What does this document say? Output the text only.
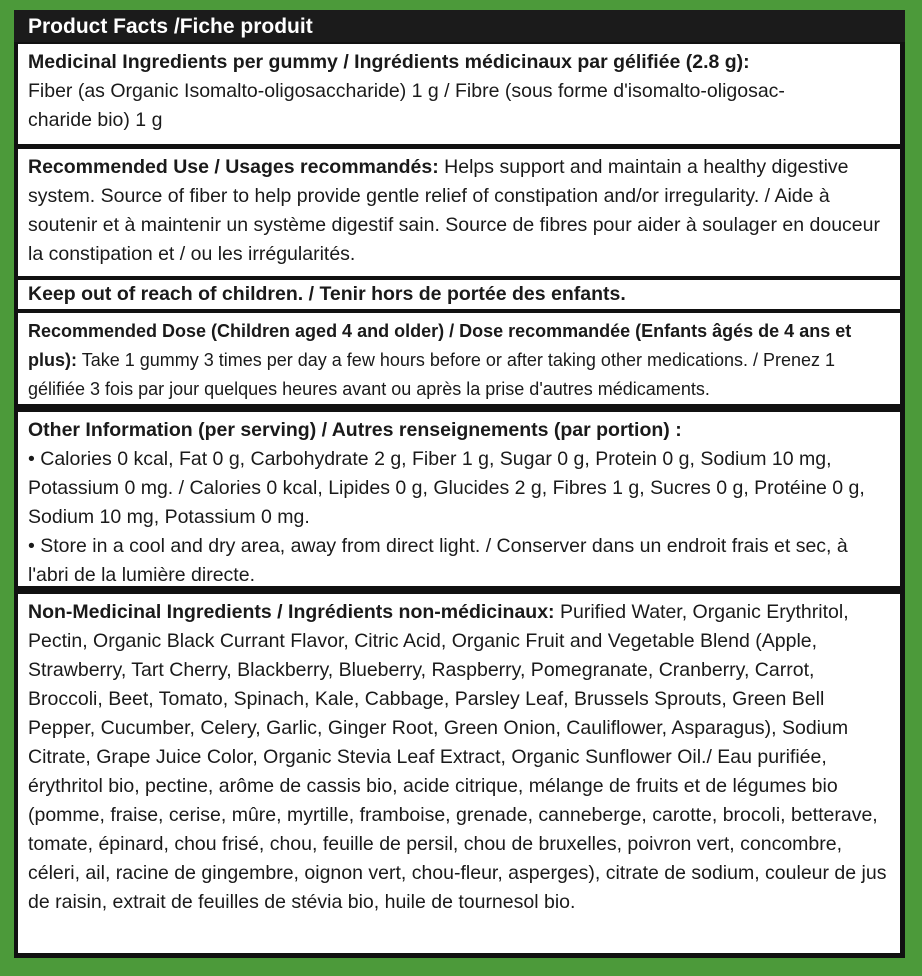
Product Facts /Fiche produit
Medicinal Ingredients per gummy / Ingrédients médicinaux par gélifiée (2.8 g):
Fiber (as Organic Isomalto-oligosaccharide) 1 g / Fibre (sous forme d'isomalto-oligosac-
charide bio) 1 g
Recommended Use / Usages recommandés: Helps support and maintain a healthy digestive system. Source of fiber to help provide gentle relief of constipation and/or irregularity. / Aide à soutenir et à maintenir un système digestif sain. Source de fibres pour aider à soulager en douceur la constipation et / ou les irrégularités.
Keep out of reach of children. / Tenir hors de portée des enfants.
Recommended Dose (Children aged 4 and older) / Dose recommandée (Enfants âgés de 4 ans et plus): Take 1 gummy 3 times per day a few hours before or after taking other medications. / Prenez 1 gélifiée 3 fois par jour quelques heures avant ou après la prise d'autres médicaments.
Other Information (per serving) / Autres renseignements (par portion) :
• Calories 0 kcal, Fat 0 g, Carbohydrate 2 g, Fiber 1 g, Sugar 0 g, Protein 0 g, Sodium 10 mg, Potassium 0 mg. / Calories 0 kcal, Lipides 0 g, Glucides 2 g, Fibres 1 g, Sucres 0 g, Protéine 0 g, Sodium 10 mg, Potassium 0 mg.
• Store in a cool and dry area, away from direct light. / Conserver dans un endroit frais et sec, à l'abri de la lumière directe.
Non-Medicinal Ingredients / Ingrédients non-médicinaux: Purified Water, Organic Erythritol, Pectin, Organic Black Currant Flavor, Citric Acid, Organic Fruit and Vegetable Blend (Apple, Strawberry, Tart Cherry, Blackberry, Blueberry, Raspberry, Pomegranate, Cranberry, Carrot, Broccoli, Beet, Tomato, Spinach, Kale, Cabbage, Parsley Leaf, Brussels Sprouts, Green Bell Pepper, Cucumber, Celery, Garlic, Ginger Root, Green Onion, Cauliflower, Asparagus), Sodium Citrate, Grape Juice Color, Organic Stevia Leaf Extract, Organic Sunflower Oil./ Eau purifiée, érythritol bio, pectine, arôme de cassis bio, acide citrique, mélange de fruits et de légumes bio (pomme, fraise, cerise, mûre, myrtille, framboise, grenade, canneberge, carotte, brocoli, betterave, tomate, épinard, chou frisé, chou, feuille de persil, chou de bruxelles, poivron vert, concombre, céleri, ail, racine de gingembre, oignon vert, chou-fleur, asperges), citrate de sodium, couleur de jus de raisin, extrait de feuilles de stévia bio, huile de tournesol bio.
